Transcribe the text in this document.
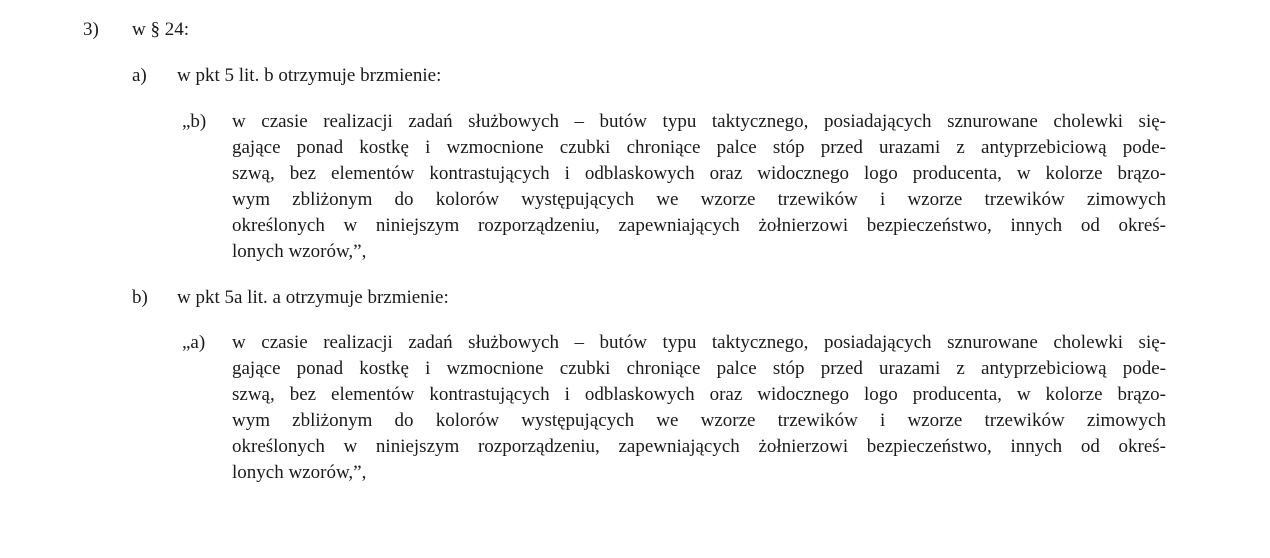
3) w § 24:
a) w pkt 5 lit. b otrzymuje brzmienie:
„b) w czasie realizacji zadań służbowych – butów typu taktycznego, posiadających sznurowane cholewki się-
gające ponad kostkę i wzmocnione czubki chroniące palce stóp przed urazami z antyprzebiciową pode-
szwą, bez elementów kontrastujących i odblaskowych oraz widocznego logo producenta, w kolorze brązo-
wym zbliżonym do kolorów występujących we wzorze trzewików i wzorze trzewików zimowych
określonych w niniejszym rozporządzeniu, zapewniających żołnierzowi bezpieczeństwo, innych od okreś-
lonych wzorów,”,
b) w pkt 5a lit. a otrzymuje brzmienie:
„a) w czasie realizacji zadań służbowych – butów typu taktycznego, posiadających sznurowane cholewki się-
gające ponad kostkę i wzmocnione czubki chroniące palce stóp przed urazami z antyprzebiciową pode-
szwą, bez elementów kontrastujących i odblaskowych oraz widocznego logo producenta, w kolorze brązo-
wym zbliżonym do kolorów występujących we wzorze trzewików i wzorze trzewików zimowych
określonych w niniejszym rozporządzeniu, zapewniających żołnierzowi bezpieczeństwo, innych od okreś-
lonych wzorów,”,
